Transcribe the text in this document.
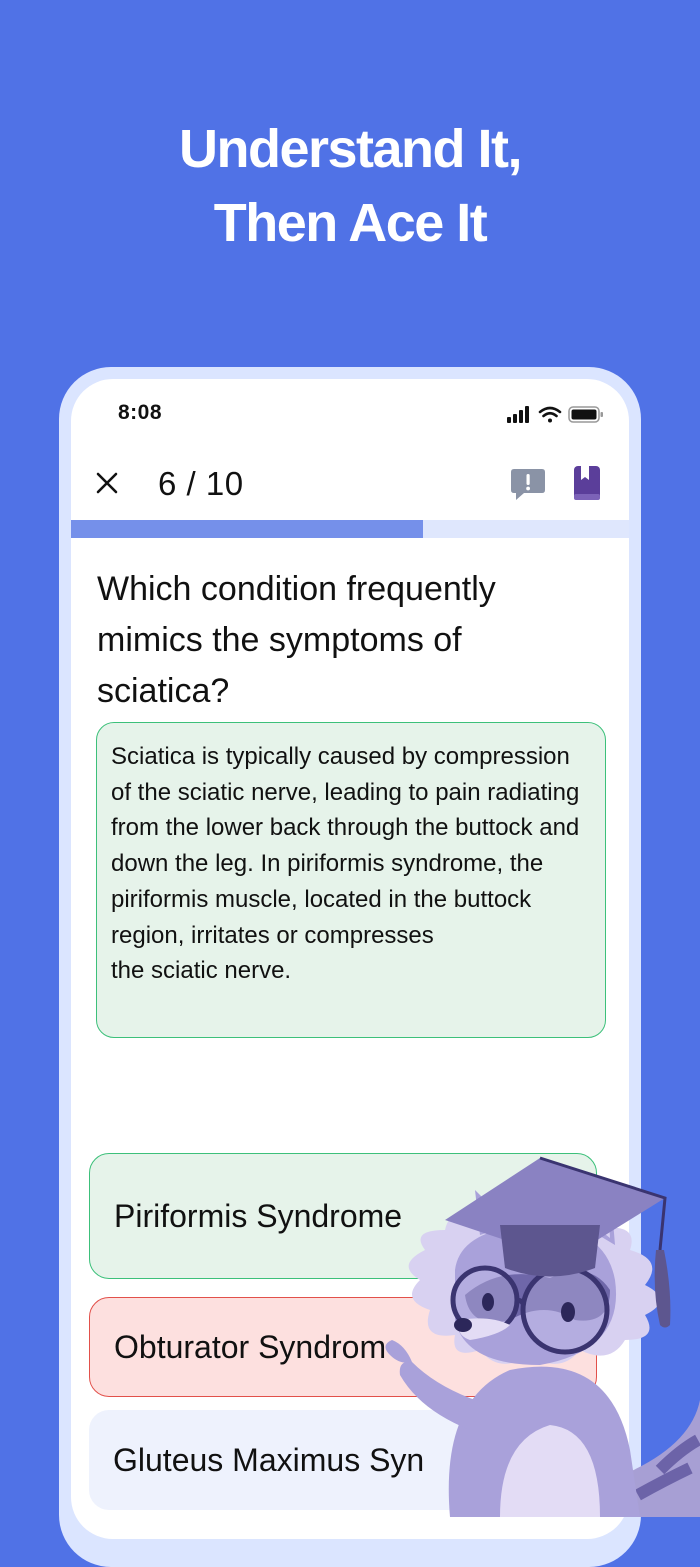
Understand It,
Then Ace It
8:08
6 / 10
Which condition frequently mimics the symptoms of sciatica?
Sciatica is typically caused by compression of the sciatic nerve, leading to pain radiating from the lower back through the buttock and down the leg. In piriformis syndrome, the piriformis muscle, located in the buttock region, irritates or compresses
the sciatic nerve.
Piriformis Syndrome
Obturator Syndrom
Gluteus Maximus Syn
